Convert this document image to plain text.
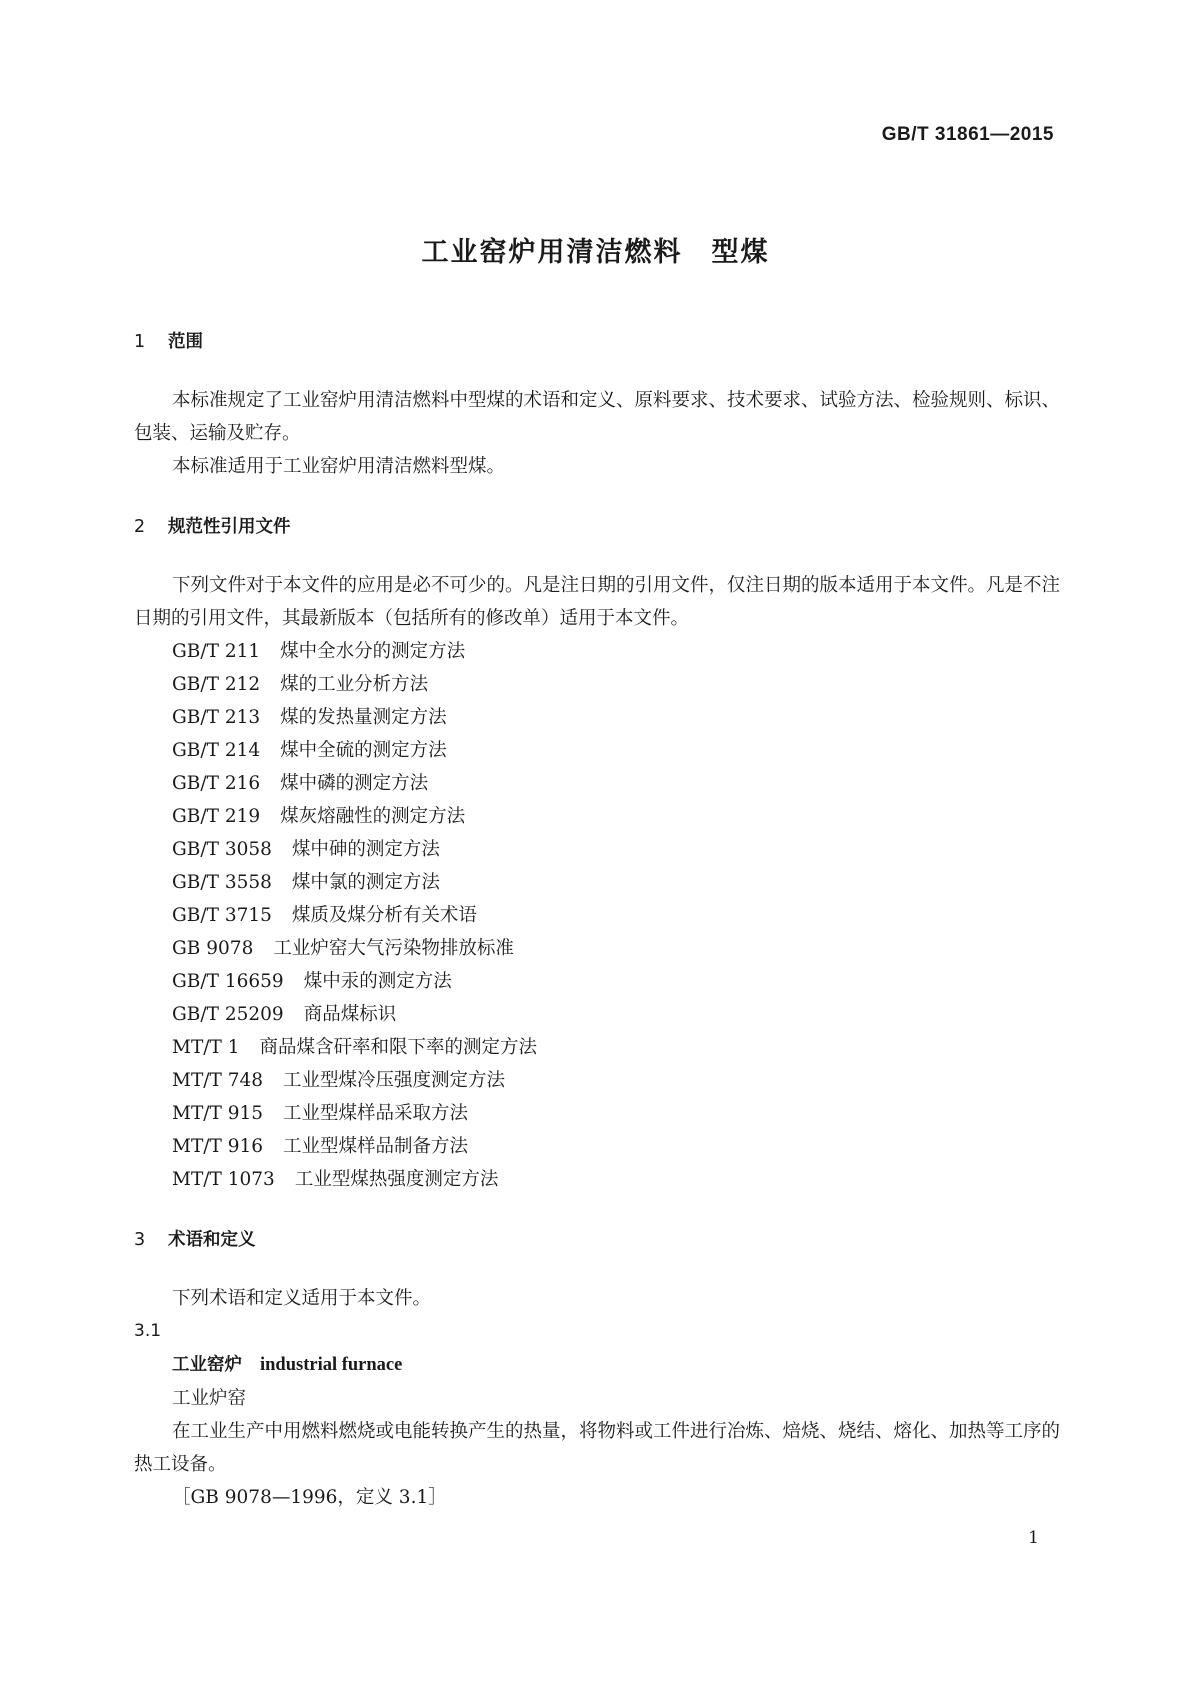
GB/T 31861—2015
工业窑炉用清洁燃料　型煤
1 范围

本标准规定了工业窑炉用清洁燃料中型煤的术语和定义、原料要求、技术要求、试验方法、检验规则、标识、包装、运输及贮存。

本标准适用于工业窑炉用清洁燃料型煤。

2 规范性引用文件

下列文件对于本文件的应用是必不可少的。凡是注日期的引用文件，仅注日期的版本适用于本文件。凡是不注日期的引用文件，其最新版本（包括所有的修改单）适用于本文件。

GB/T 211 煤中全水分的测定方法
GB/T 212 煤的工业分析方法
GB/T 213 煤的发热量测定方法
GB/T 214 煤中全硫的测定方法
GB/T 216 煤中磷的测定方法
GB/T 219 煤灰熔融性的测定方法
GB/T 3058 煤中砷的测定方法
GB/T 3558 煤中氯的测定方法
GB/T 3715 煤质及煤分析有关术语
GB 9078 工业炉窑大气污染物排放标准
GB/T 16659 煤中汞的测定方法
GB/T 25209 商品煤标识
MT/T 1 商品煤含矸率和限下率的测定方法
MT/T 748 工业型煤冷压强度测定方法
MT/T 915 工业型煤样品采取方法
MT/T 916 工业型煤样品制备方法
MT/T 1073 工业型煤热强度测定方法
3 术语和定义

下列术语和定义适用于本文件。

3.1
工业窑炉 industrial furnace
工业炉窑

在工业生产中用燃料燃烧或电能转换产生的热量，将物料或工件进行冶炼、焙烧、烧结、熔化、加热等工序的热工设备。

［GB 9078—1996，定义 3.1］
1
